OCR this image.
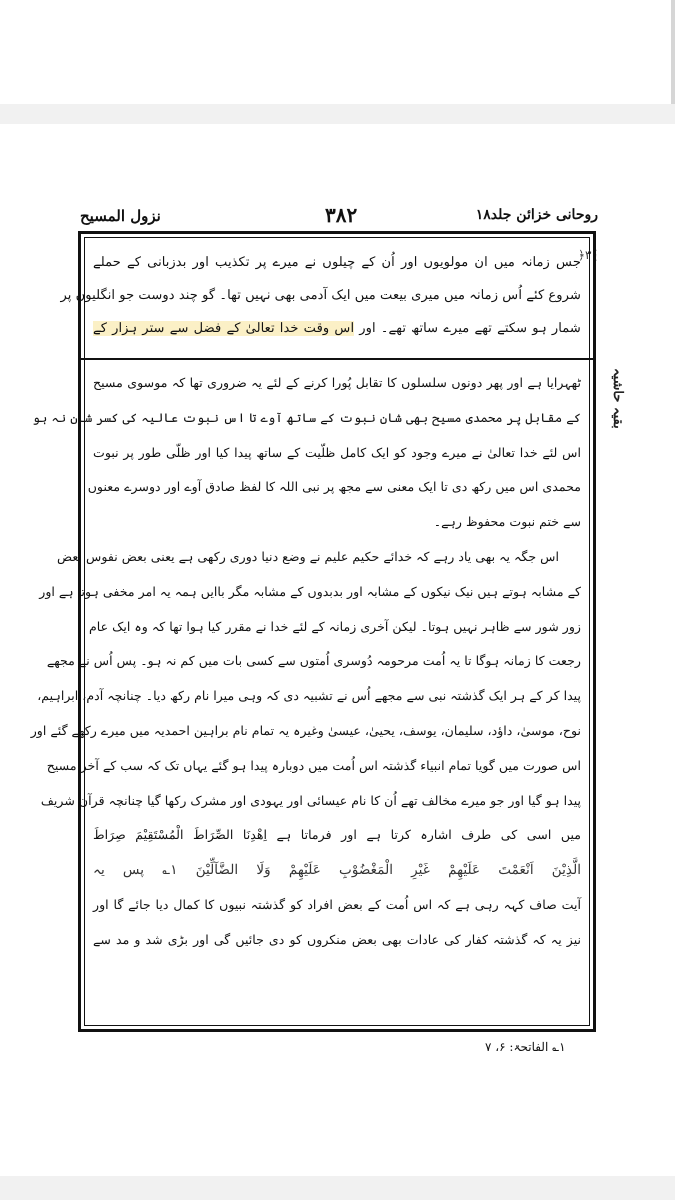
نزول المسیح	۳۸۲	روحانی خزائن جلد۱۸
﴿۳﴾
بقیہ حاشیہ
جس زمانہ میں ان مولویوں اور اُن کے چیلوں نے میرے پر تکذیب اور بدزبانی کے حملے
شروع کئے اُس زمانہ میں میری بیعت میں ایک آدمی بھی نہیں تھا۔ گو چند دوست جو انگلیوں پر
شمار ہو سکتے تھے میرے ساتھ تھے۔ اور اس وقت خدا تعالیٰ کے فضل سے ستر ہزار کے
ٹھہرایا ہے اور پھر دونوں سلسلوں کا تقابل پُورا کرنے کے لئے یہ ضروری تھا کہ موسوی مسیح
کے مقابل پر محمدی مسیح بھی شانِ نبوت کے ساتھ آوے تا اس نبوت عالیہ کی کسر شان نہ ہو
اس لئے خدا تعالیٰ نے میرے وجود کو ایک کامل ظلّیت کے ساتھ پیدا کیا اور ظلّی طور پر نبوت
محمدی اس میں رکھ دی تا ایک معنی سے مجھ پر نبی اللہ کا لفظ صادق آوے اور دوسرے معنوں
سے ختم نبوت محفوظ رہے۔
اس جگہ یہ بھی یاد رہے کہ خدائے حکیم علیم نے وضع دنیا دوری رکھی ہے یعنی بعض نفوس بعض
کے مشابہ ہوتے ہیں نیک نیکوں کے مشابہ اور بدبدوں کے مشابہ مگر باایں ہمہ یہ امر مخفی ہوتا ہے اور
زور شور سے ظاہر نہیں ہوتا۔ لیکن آخری زمانہ کے لئے خدا نے مقرر کیا ہوا تھا کہ وہ ایک عام
رجعت کا زمانہ ہوگا تا یہ اُمت مرحومہ دُوسری اُمتوں سے کسی بات میں کم نہ ہو۔ پس اُس نے مجھے
پیدا کر کے ہر ایک گذشتہ نبی سے مجھے اُس نے تشبیہ دی کہ وہی میرا نام رکھ دیا۔ چنانچہ آدم، ابراہیم،
نوح، موسیٰ، داؤد، سلیمان، یوسف، یحییٰ، عیسیٰ وغیرہ یہ تمام نام براہین احمدیہ میں میرے رکھے گئے اور
اس صورت میں گویا تمام انبیاء گذشتہ اس اُمت میں دوبارہ پیدا ہو گئے یہاں تک کہ سب کے آخر مسیح
پیدا ہو گیا اور جو میرے مخالف تھے اُن کا نام عیسائی اور یہودی اور مشرک رکھا گیا چنانچہ قرآن شریف
میں اسی کی طرف اشارہ کرتا ہے اور فرماتا ہے اِهْدِنَا الصِّرَاطَ الْمُسْتَقِيْمَ صِرَاطَ
الَّذِيْنَ اَنْعَمْتَ عَلَيْهِمْ غَيْرِ الْمَغْضُوْبِ عَلَيْهِمْ وَلَا الضَّآلِّيْنَ ۱؎ پس یہ
آیت صاف کہہ رہی ہے کہ اس اُمت کے بعض افراد کو گذشتہ نبیوں کا کمال دیا جائے گا اور
نیز یہ کہ گذشتہ کفار کی عادات بھی بعض منکروں کو دی جائیں گی اور بڑی شد و مد سے
۱؎ الفاتحۃ: ۶، ۷
